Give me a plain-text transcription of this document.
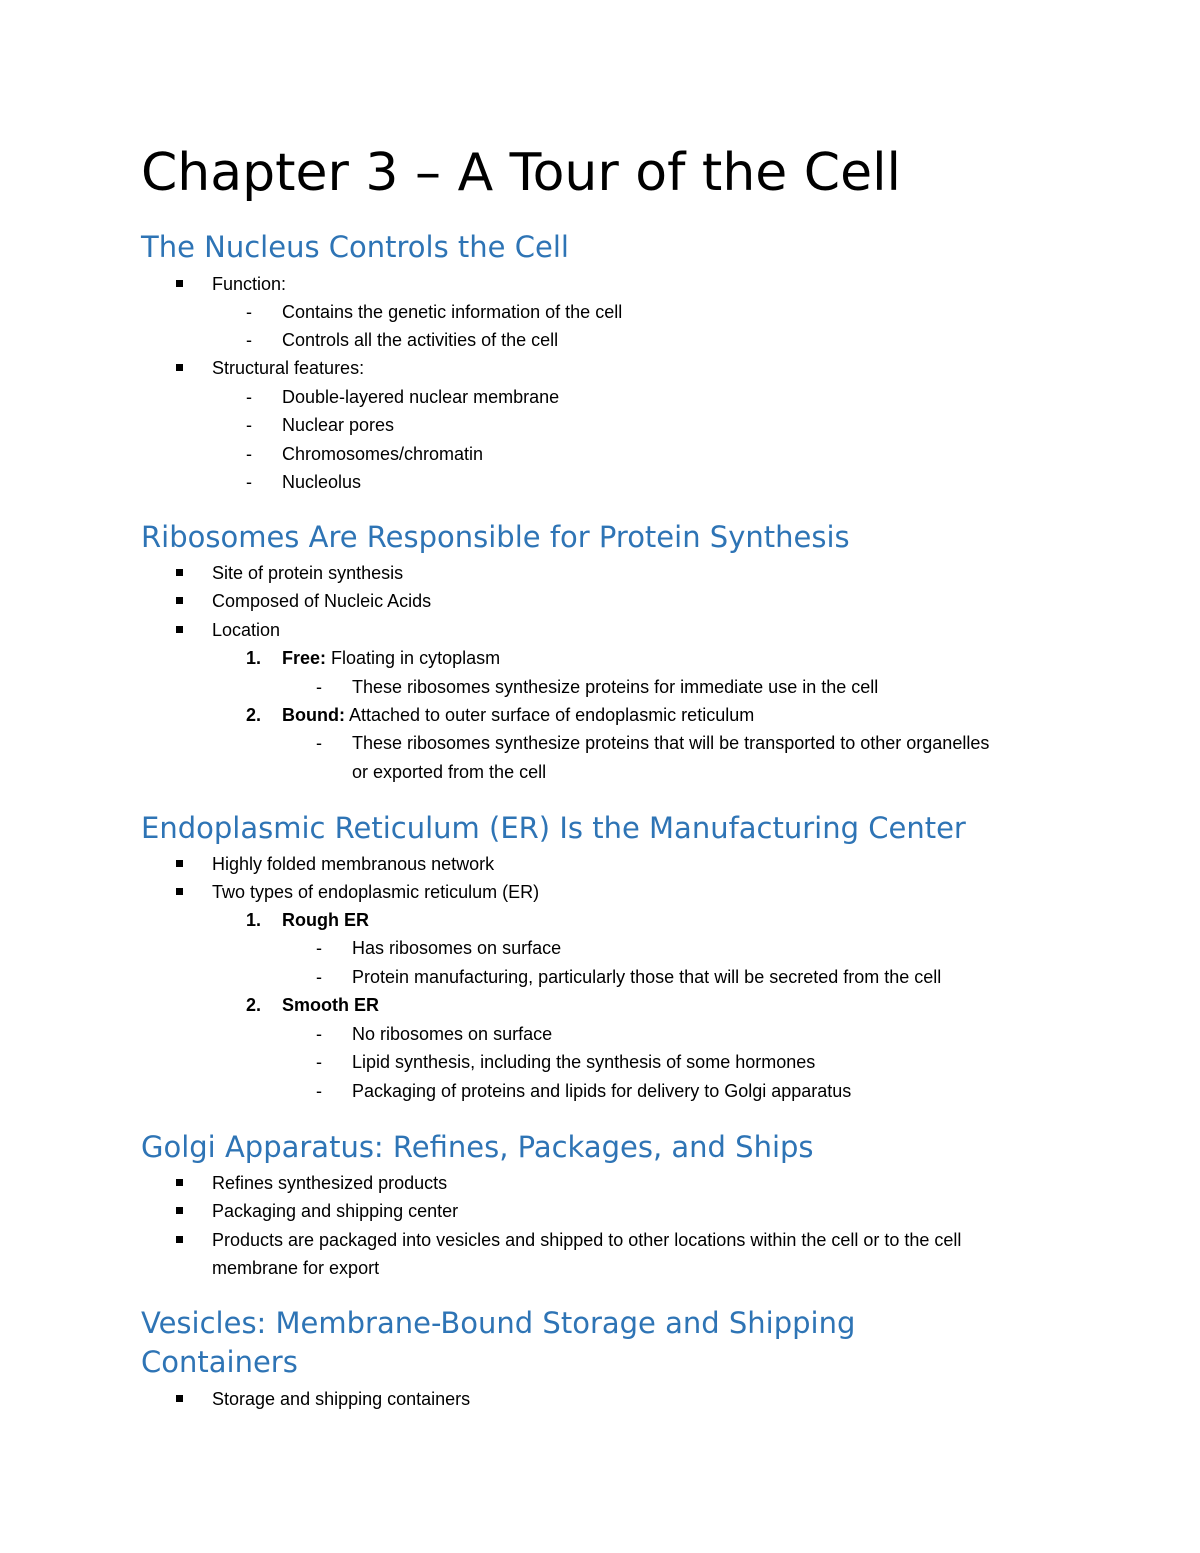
Chapter 3 – A Tour of the Cell
The Nucleus Controls the Cell
Function:
- Contains the genetic information of the cell
- Controls all the activities of the cell
Structural features:
- Double-layered nuclear membrane
- Nuclear pores
- Chromosomes/chromatin
- Nucleolus
Ribosomes Are Responsible for Protein Synthesis
Site of protein synthesis
Composed of Nucleic Acids
Location
1. Free: Floating in cytoplasm
- These ribosomes synthesize proteins for immediate use in the cell
2. Bound: Attached to outer surface of endoplasmic reticulum
- These ribosomes synthesize proteins that will be transported to other organelles
or exported from the cell
Endoplasmic Reticulum (ER) Is the Manufacturing Center
Highly folded membranous network
Two types of endoplasmic reticulum (ER)
1. Rough ER
- Has ribosomes on surface
- Protein manufacturing, particularly those that will be secreted from the cell
2. Smooth ER
- No ribosomes on surface
- Lipid synthesis, including the synthesis of some hormones
- Packaging of proteins and lipids for delivery to Golgi apparatus
Golgi Apparatus: Refines, Packages, and Ships
Refines synthesized products
Packaging and shipping center
Products are packaged into vesicles and shipped to other locations within the cell or to the cell
membrane for export
Vesicles: Membrane-Bound Storage and Shipping
Containers
Storage and shipping containers
